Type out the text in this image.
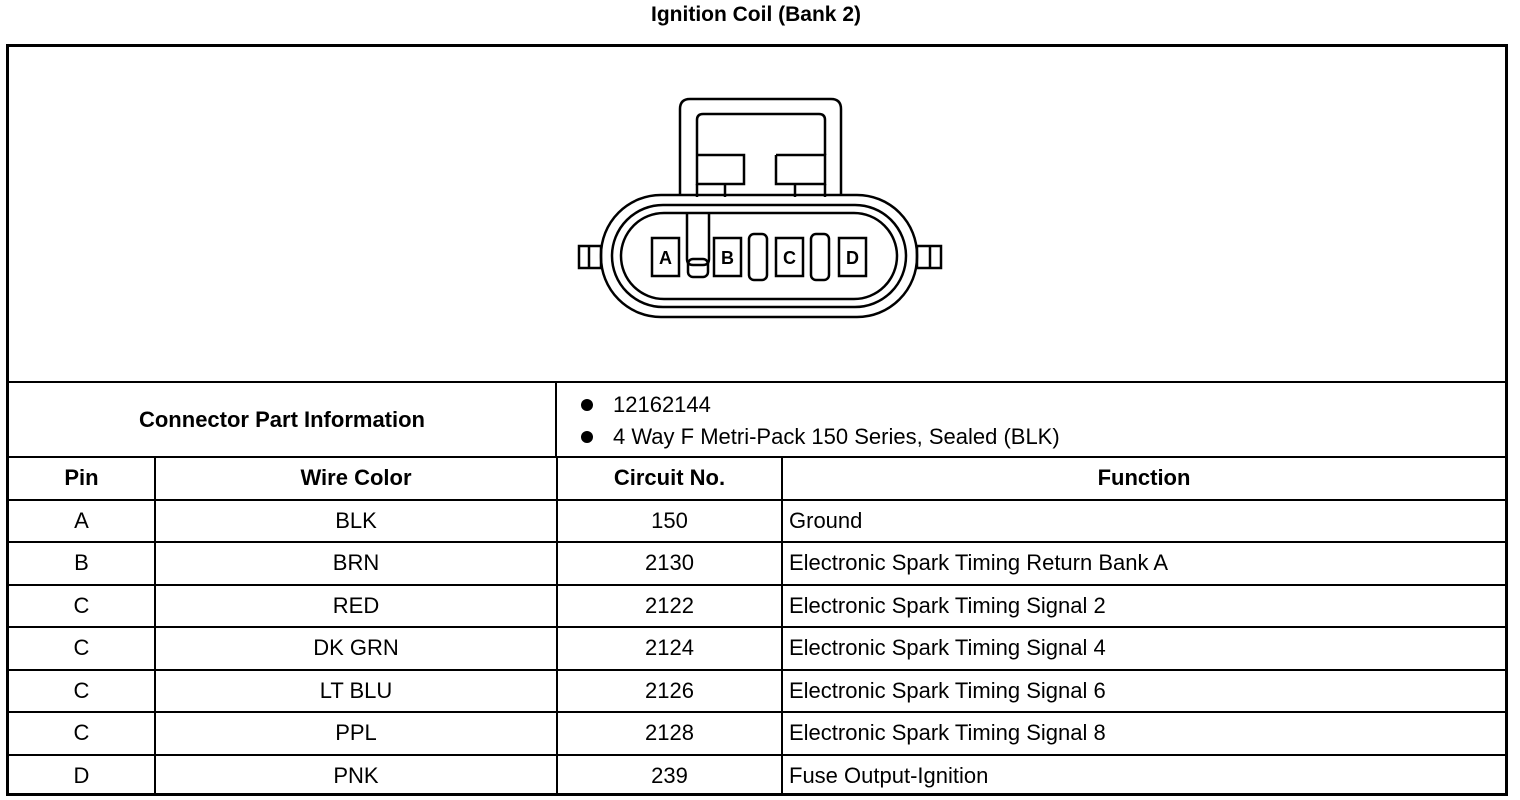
Ignition Coil (Bank 2)
A	B	C	D
Connector Part Information
12162144
4 Way F Metri-Pack 150 Series, Sealed (BLK)
Pin	Wire Color	Circuit No.	Function
A	BLK	150	Ground
B	BRN	2130	Electronic Spark Timing Return Bank A
C	RED	2122	Electronic Spark Timing Signal 2
C	DK GRN	2124	Electronic Spark Timing Signal 4
C	LT BLU	2126	Electronic Spark Timing Signal 6
C	PPL	2128	Electronic Spark Timing Signal 8
D	PNK	239	Fuse Output-Ignition
